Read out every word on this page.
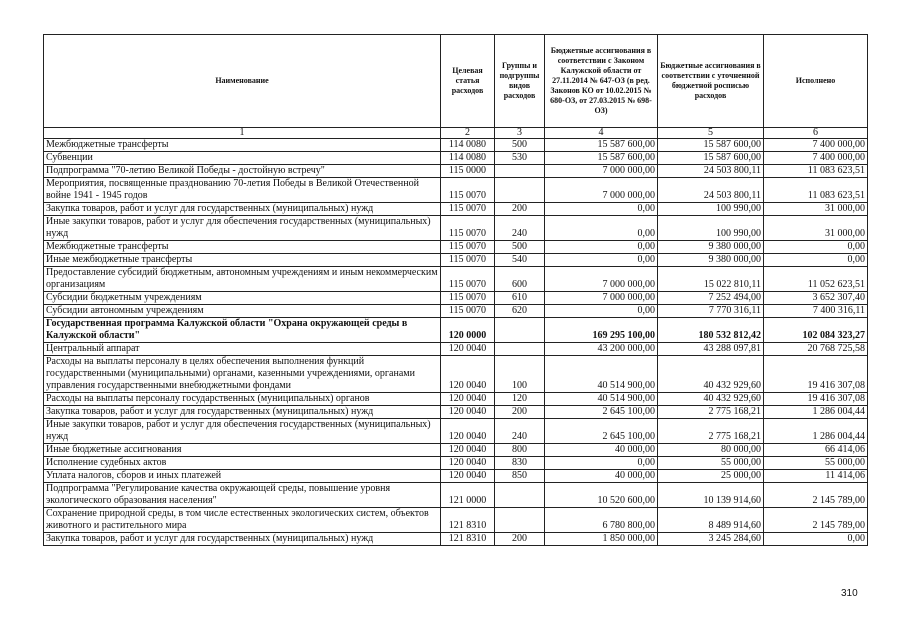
Наименование	Целевая статья расходов	Группы и подгруппы видов расходов	Бюджетные ассигнования в соответствии с Законом Калужской области от 27.11.2014 № 647-ОЗ (в ред. Законов КО от 10.02.2015 № 680-ОЗ, от 27.03.2015 № 698-ОЗ)	Бюджетные ассигнования в соответствии с уточненной бюджетной росписью расходов	Исполнено
1	2	3	4	5	6
Межбюджетные трансферты	114 0080	500	15 587 600,00	15 587 600,00	7 400 000,00
Субвенции	114 0080	530	15 587 600,00	15 587 600,00	7 400 000,00
Подпрограмма "70-летию Великой Победы - достойную встречу"	115 0000		7 000 000,00	24 503 800,11	11 083 623,51
Мероприятия, посвященные празднованию 70-летия Победы в Великой Отечественной войне 1941 - 1945 годов	115 0070		7 000 000,00	24 503 800,11	11 083 623,51
Закупка товаров, работ и услуг для государственных (муниципальных) нужд	115 0070	200	0,00	100 990,00	31 000,00
Иные закупки товаров, работ и услуг для обеспечения государственных (муниципальных) нужд	115 0070	240	0,00	100 990,00	31 000,00
Межбюджетные трансферты	115 0070	500	0,00	9 380 000,00	0,00
Иные межбюджетные трансферты	115 0070	540	0,00	9 380 000,00	0,00
Предоставление субсидий бюджетным, автономным учреждениям и иным некоммерческим организациям	115 0070	600	7 000 000,00	15 022 810,11	11 052 623,51
Субсидии бюджетным учреждениям	115 0070	610	7 000 000,00	7 252 494,00	3 652 307,40
Субсидии автономным учреждениям	115 0070	620	0,00	7 770 316,11	7 400 316,11
Государственная программа Калужской области "Охрана окружающей среды в Калужской области"	120 0000		169 295 100,00	180 532 812,42	102 084 323,27
Центральный аппарат	120 0040		43 200 000,00	43 288 097,81	20 768 725,58
Расходы на выплаты персоналу в целях обеспечения выполнения функций государственными (муниципальными) органами, казенными учреждениями, органами управления государственными внебюджетными фондами	120 0040	100	40 514 900,00	40 432 929,60	19 416 307,08
Расходы на выплаты персоналу государственных (муниципальных) органов	120 0040	120	40 514 900,00	40 432 929,60	19 416 307,08
Закупка товаров, работ и услуг для государственных (муниципальных) нужд	120 0040	200	2 645 100,00	2 775 168,21	1 286 004,44
Иные закупки товаров, работ и услуг для обеспечения государственных (муниципальных) нужд	120 0040	240	2 645 100,00	2 775 168,21	1 286 004,44
Иные бюджетные ассигнования	120 0040	800	40 000,00	80 000,00	66 414,06
Исполнение судебных актов	120 0040	830	0,00	55 000,00	55 000,00
Уплата налогов, сборов и иных платежей	120 0040	850	40 000,00	25 000,00	11 414,06
Подпрограмма "Регулирование качества окружающей среды, повышение уровня экологического образования населения"	121 0000		10 520 600,00	10 139 914,60	2 145 789,00
Сохранение природной среды, в том числе естественных экологических систем, объектов животного и растительного мира	121 8310		6 780 800,00	8 489 914,60	2 145 789,00
Закупка товаров, работ и услуг для государственных (муниципальных) нужд	121 8310	200	1 850 000,00	3 245 284,60	0,00
310
